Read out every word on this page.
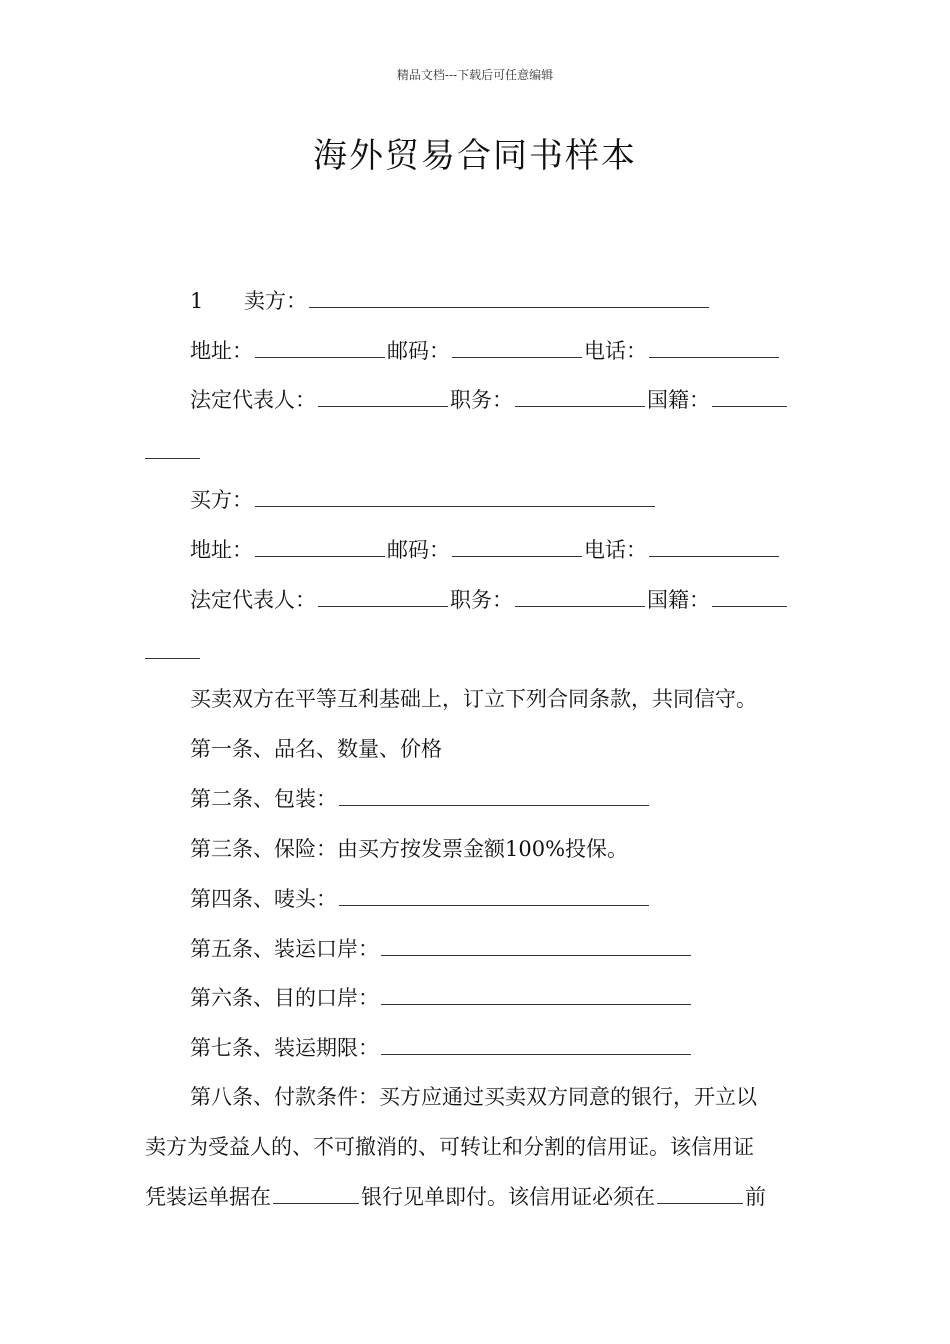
精品文档---下载后可任意编辑
海外贸易合同书样本
1 卖方：
地址：	邮码：	电话：
法定代表人：	职务：	国籍：
买方：
地址：	邮码：	电话：
法定代表人：	职务：	国籍：
买卖双方在平等互利基础上，订立下列合同条款，共同信守。
第一条、品名、数量、价格
第二条、包装：
第三条、保险：由买方按发票金额100%投保。
第四条、唛头：
第五条、装运口岸：
第六条、目的口岸：
第七条、装运期限：
第八条、付款条件：买方应通过买卖双方同意的银行，开立以
卖方为受益人的、不可撤消的、可转让和分割的信用证。该信用证
凭装运单据在	银行见单即付。该信用证必须在	前
